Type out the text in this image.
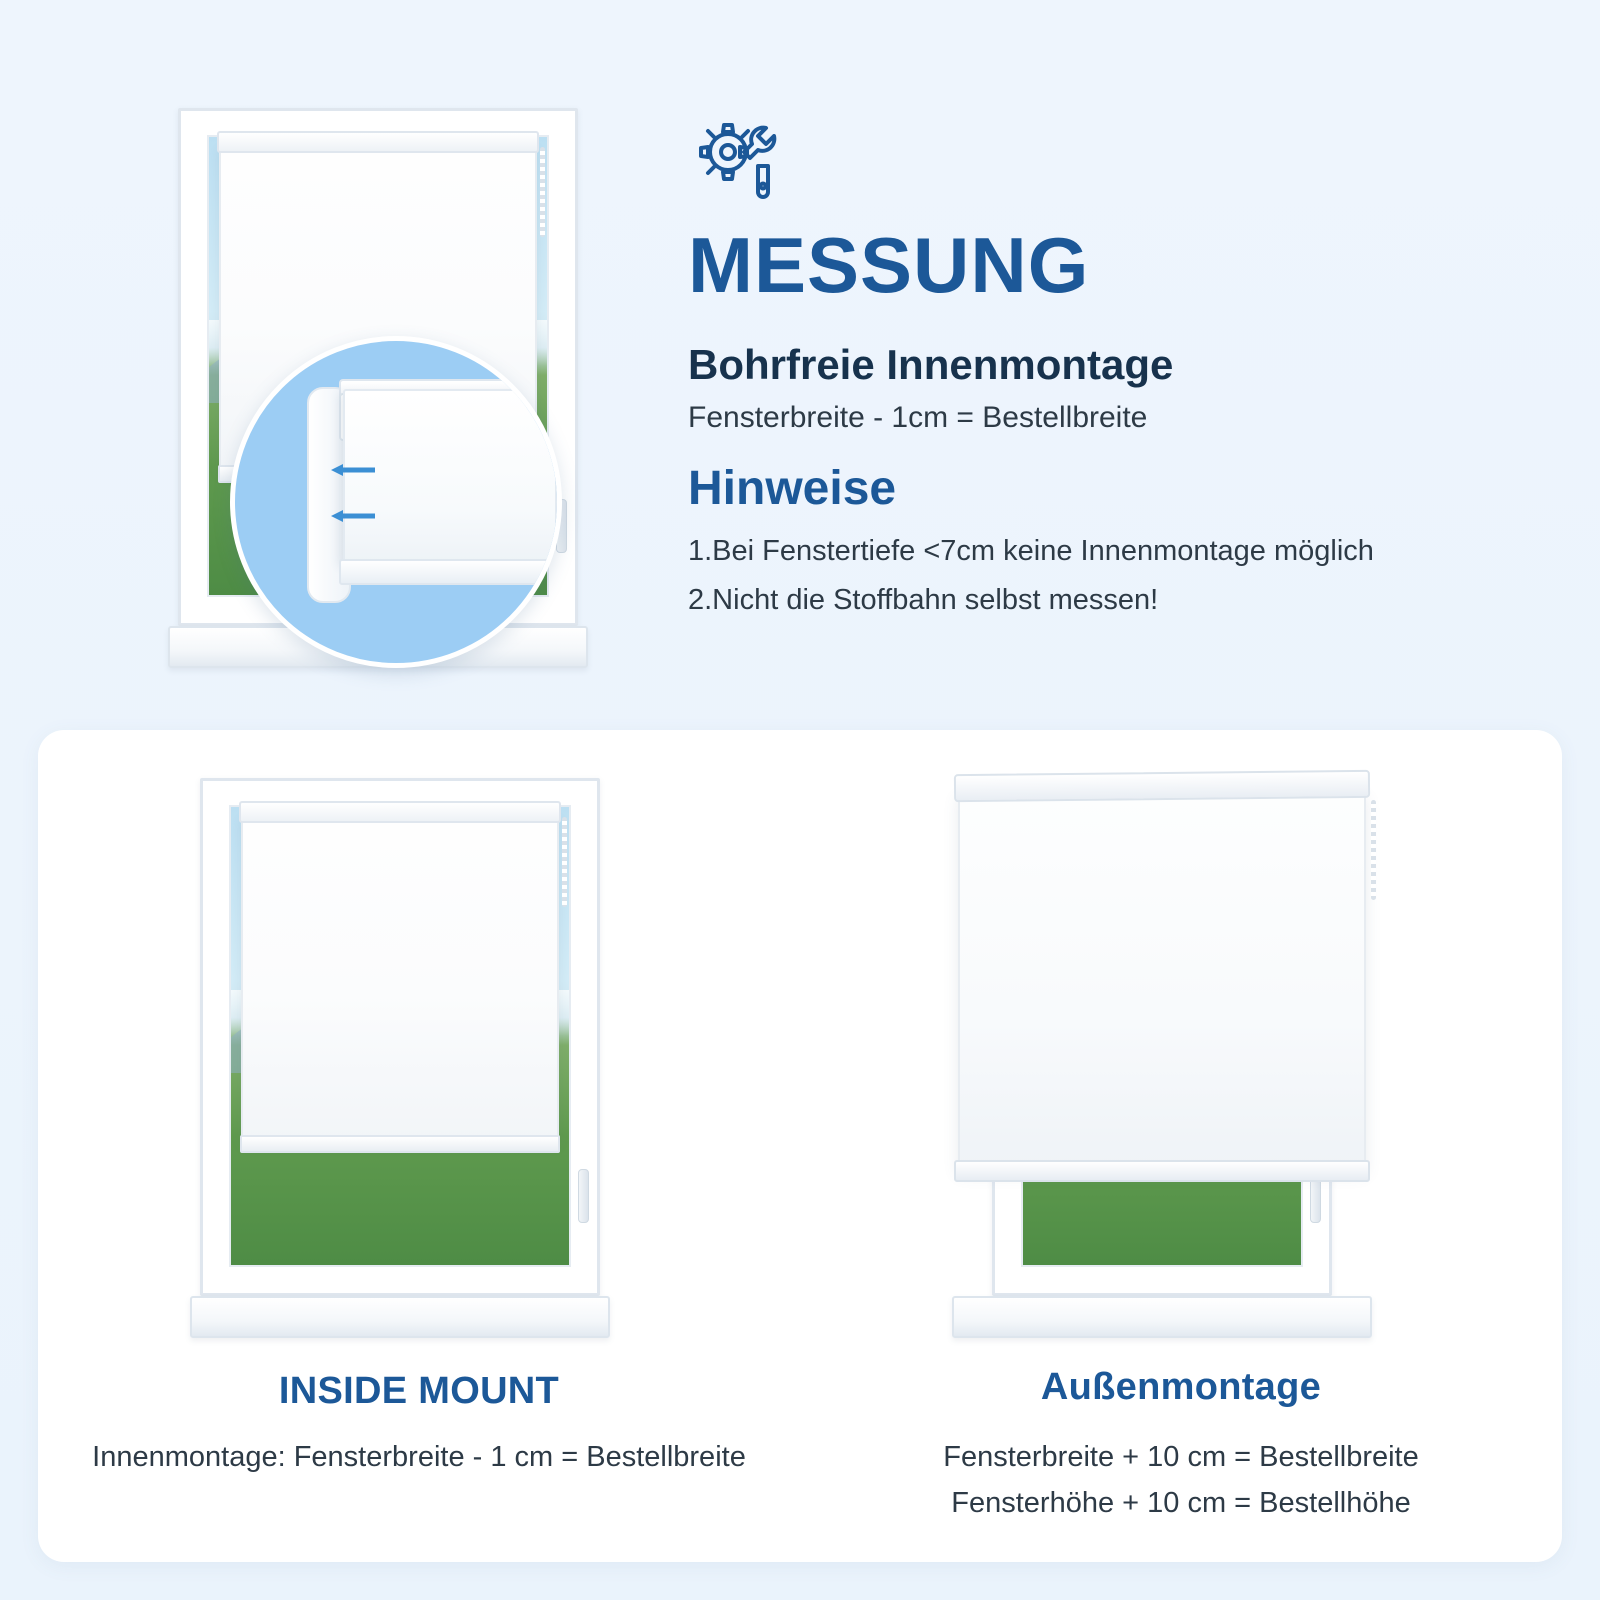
MESSUNG
Bohrfreie Innenmontage

Fensterbreite - 1cm = Bestellbreite

Hinweise

1.Bei Fenstertiefe <7cm keine Innenmontage möglich

2.Nicht die Stoffbahn selbst messen!

INSIDE MOUNT
Innenmontage: Fensterbreite - 1 cm = Bestellbreite
Außenmontage
Fensterbreite + 10 cm = Bestellbreite
Fensterhöhe + 10 cm = Bestellhöhe
